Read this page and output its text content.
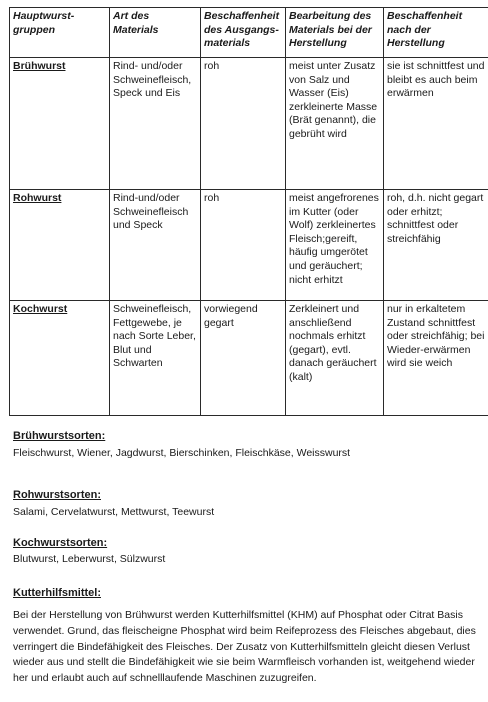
Hauptwurst-gruppen	Art des Materials	Beschaffenheit des Ausgangs-materials	Bearbeitung des Materials bei der Herstellung	Beschaffenheit nach der Herstellung
Brühwurst	Rind- und/oder Schweinefleisch, Speck und Eis	roh	meist unter Zusatz von Salz und Wasser (Eis) zerkleinerte Masse (Brät genannt), die gebrüht wird	sie ist schnittfest und bleibt es auch beim erwärmen
Rohwurst	Rind-und/oder Schweinefleisch und Speck	roh	meist angefrorenes im Kutter (oder Wolf) zerkleinertes Fleisch;gereift, häufig umgerötet und geräuchert; nicht erhitzt	roh, d.h. nicht gegart oder erhitzt; schnittfest oder streichfähig
Kochwurst	Schweinefleisch, Fettgewebe, je nach Sorte Leber, Blut und Schwarten	vorwiegend gegart	Zerkleinert und anschließend nochmals erhitzt (gegart), evtl. danach geräuchert (kalt)	nur in erkaltetem Zustand schnittfest oder streichfähig; bei Wieder-erwärmen wird sie weich
Brühwurstsorten:
Fleischwurst, Wiener, Jagdwurst, Bierschinken, Fleischkäse, Weisswurst
Rohwurstsorten:
Salami, Cervelatwurst, Mettwurst, Teewurst
Kochwurstsorten:
Blutwurst, Leberwurst, Sülzwurst
Kutterhilfsmittel:
Bei der Herstellung von Brühwurst werden Kutterhilfsmittel (KHM) auf Phosphat oder Citrat Basis verwendet. Grund, das fleischeigne Phosphat wird beim Reifeprozess des Fleisches abgebaut, dies verringert die Bindefähigkeit des Fleisches. Der Zusatz von Kutterhilfsmitteln gleicht diesen Verlust wieder aus und stellt die Bindefähigkeit wie sie beim Warmfleisch vorhanden ist, weitgehend wieder her und erlaubt auch auf schnelllaufende Maschinen zuzugreifen.
